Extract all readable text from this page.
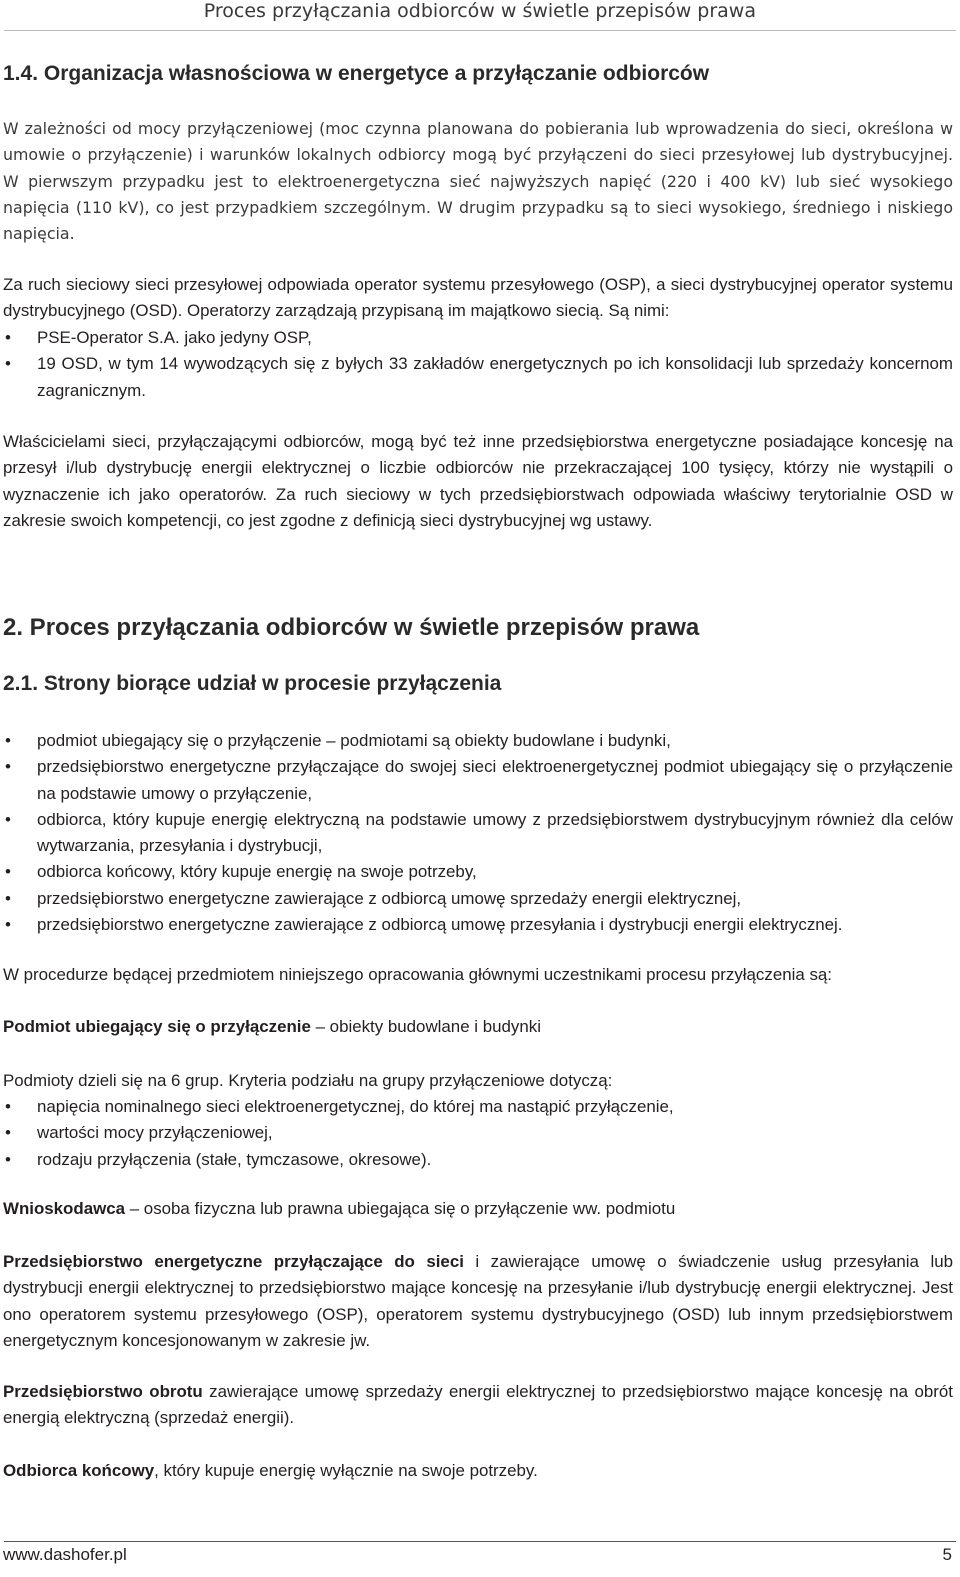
Proces przyłączania odbiorców w świetle przepisów prawa
1.4. Organizacja własnościowa w energetyce a przyłączanie odbiorców

W zależności od mocy przyłączeniowej (moc czynna planowana do pobierania lub wprowadzenia do sieci, określona w umowie o przyłączenie) i warunków lokalnych odbiorcy mogą być przyłączeni do sieci przesyłowej lub dystrybucyjnej. W pierwszym przypadku jest to elektroenergetyczna sieć najwyższych napięć (220 i 400 kV) lub sieć wysokiego napięcia (110 kV), co jest przypadkiem szczególnym. W drugim przypadku są to sieci wysokiego, średniego i niskiego napięcia.

Za ruch sieciowy sieci przesyłowej odpowiada operator systemu przesyłowego (OSP), a sieci dystrybucyjnej operator systemu dystrybucyjnego (OSD). Operatorzy zarządzają przypisaną im majątkowo siecią. Są nimi:

• PSE-Operator S.A. jako jedyny OSP,
• 19 OSD, w tym 14 wywodzących się z byłych 33 zakładów energetycznych po ich konsolidacji lub sprzedaży koncernom zagranicznym.

Właścicielami sieci, przyłączającymi odbiorców, mogą być też inne przedsiębiorstwa energetyczne posiadające koncesję na przesył i/lub dystrybucję energii elektrycznej o liczbie odbiorców nie przekraczającej 100 tysięcy, którzy nie wystąpili o wyznaczenie ich jako operatorów. Za ruch sieciowy w tych przedsiębiorstwach odpowiada właściwy terytorialnie OSD w zakresie swoich kompetencji, co jest zgodne z definicją sieci dystrybucyjnej wg ustawy.

2. Proces przyłączania odbiorców w świetle przepisów prawa
2.1. Strony biorące udział w procesie przyłączenia
• podmiot ubiegający się o przyłączenie – podmiotami są obiekty budowlane i budynki,
• przedsiębiorstwo energetyczne przyłączające do swojej sieci elektroenergetycznej podmiot ubiegający się o przyłączenie na podstawie umowy o przyłączenie,
• odbiorca, który kupuje energię elektryczną na podstawie umowy z przedsiębiorstwem dystrybucyjnym również dla celów wytwarzania, przesyłania i dystrybucji,
• odbiorca końcowy, który kupuje energię na swoje potrzeby,
• przedsiębiorstwo energetyczne zawierające z odbiorcą umowę sprzedaży energii elektrycznej,
• przedsiębiorstwo energetyczne zawierające z odbiorcą umowę przesyłania i dystrybucji energii elektrycznej.

W procedurze będącej przedmiotem niniejszego opracowania głównymi uczestnikami procesu przyłączenia są:

Podmiot ubiegający się o przyłączenie – obiekty budowlane i budynki

Podmioty dzieli się na 6 grup. Kryteria podziału na grupy przyłączeniowe dotyczą:

• napięcia nominalnego sieci elektroenergetycznej, do której ma nastąpić przyłączenie,
• wartości mocy przyłączeniowej,
• rodzaju przyłączenia (stałe, tymczasowe, okresowe).

Wnioskodawca – osoba fizyczna lub prawna ubiegająca się o przyłączenie ww. podmiotu

Przedsiębiorstwo energetyczne przyłączające do sieci i zawierające umowę o świadczenie usług przesyłania lub dystrybucji energii elektrycznej to przedsiębiorstwo mające koncesję na przesyłanie i/lub dystrybucję energii elektrycznej. Jest ono operatorem systemu przesyłowego (OSP), operatorem systemu dystrybucyjnego (OSD) lub innym przedsiębiorstwem energetycznym koncesjonowanym w zakresie jw.

Przedsiębiorstwo obrotu zawierające umowę sprzedaży energii elektrycznej to przedsiębiorstwo mające koncesję na obrót energią elektryczną (sprzedaż energii).

Odbiorca końcowy, który kupuje energię wyłącznie na swoje potrzeby.

www.dashofer.pl	5
